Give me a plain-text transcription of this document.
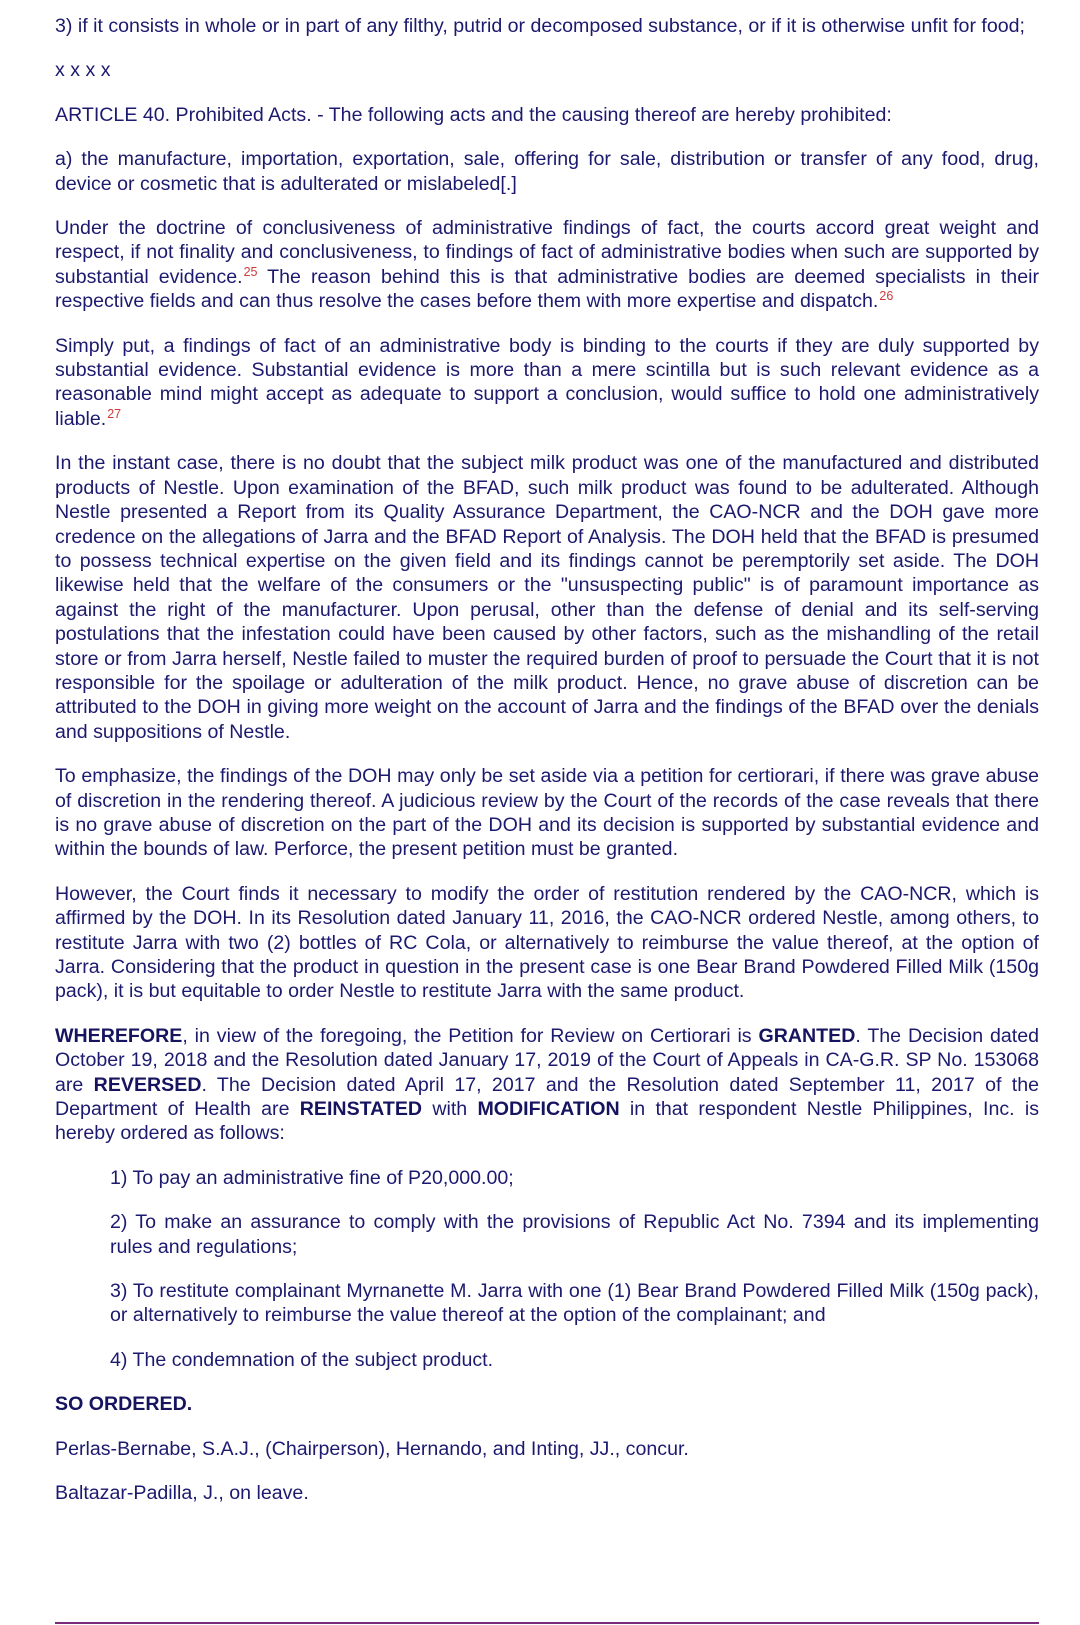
3) if it consists in whole or in part of any filthy, putrid or decomposed substance, or if it is otherwise unfit for food;

x x x x

ARTICLE 40. Prohibited Acts. - The following acts and the causing thereof are hereby prohibited:

a) the manufacture, importation, exportation, sale, offering for sale, distribution or transfer of any food, drug, device or cosmetic that is adulterated or mislabeled[.]

Under the doctrine of conclusiveness of administrative findings of fact, the courts accord great weight and respect, if not finality and conclusiveness, to findings of fact of administrative bodies when such are supported by substantial evidence.$^{25}$ The reason behind this is that administrative bodies are deemed specialists in their respective fields and can thus resolve the cases before them with more expertise and dispatch.$^{26}$

Simply put, a findings of fact of an administrative body is binding to the courts if they are duly supported by substantial evidence. Substantial evidence is more than a mere scintilla but is such relevant evidence as a reasonable mind might accept as adequate to support a conclusion, would suffice to hold one administratively liable.$^{27}$

In the instant case, there is no doubt that the subject milk product was one of the manufactured and distributed products of Nestle. Upon examination of the BFAD, such milk product was found to be adulterated. Although Nestle presented a Report from its Quality Assurance Department, the CAO-NCR and the DOH gave more credence on the allegations of Jarra and the BFAD Report of Analysis. The DOH held that the BFAD is presumed to possess technical expertise on the given field and its findings cannot be peremptorily set aside. The DOH likewise held that the welfare of the consumers or the "unsuspecting public" is of paramount importance as against the right of the manufacturer. Upon perusal, other than the defense of denial and its self-serving postulations that the infestation could have been caused by other factors, such as the mishandling of the retail store or from Jarra herself, Nestle failed to muster the required burden of proof to persuade the Court that it is not responsible for the spoilage or adulteration of the milk product. Hence, no grave abuse of discretion can be attributed to the DOH in giving more weight on the account of Jarra and the findings of the BFAD over the denials and suppositions of Nestle.

To emphasize, the findings of the DOH may only be set aside via a petition for certiorari, if there was grave abuse of discretion in the rendering thereof. A judicious review by the Court of the records of the case reveals that there is no grave abuse of discretion on the part of the DOH and its decision is supported by substantial evidence and within the bounds of law. Perforce, the present petition must be granted.

However, the Court finds it necessary to modify the order of restitution rendered by the CAO-NCR, which is affirmed by the DOH. In its Resolution dated January 11, 2016, the CAO-NCR ordered Nestle, among others, to restitute Jarra with two (2) bottles of RC Cola, or alternatively to reimburse the value thereof, at the option of Jarra. Considering that the product in question in the present case is one Bear Brand Powdered Filled Milk (150g pack), it is but equitable to order Nestle to restitute Jarra with the same product.

WHEREFORE, in view of the foregoing, the Petition for Review on Certiorari is GRANTED. The Decision dated October 19, 2018 and the Resolution dated January 17, 2019 of the Court of Appeals in CA-G.R. SP No. 153068 are REVERSED. The Decision dated April 17, 2017 and the Resolution dated September 11, 2017 of the Department of Health are REINSTATED with MODIFICATION in that respondent Nestle Philippines, Inc. is hereby ordered as follows:

1) To pay an administrative fine of P20,000.00;

2) To make an assurance to comply with the provisions of Republic Act No. 7394 and its implementing rules and regulations;

3) To restitute complainant Myrnanette M. Jarra with one (1) Bear Brand Powdered Filled Milk (150g pack), or alternatively to reimburse the value thereof at the option of the complainant; and

4) The condemnation of the subject product.

SO ORDERED.

Perlas-Bernabe, S.A.J., (Chairperson), Hernando, and Inting, JJ., concur.

Baltazar-Padilla, J., on leave.
